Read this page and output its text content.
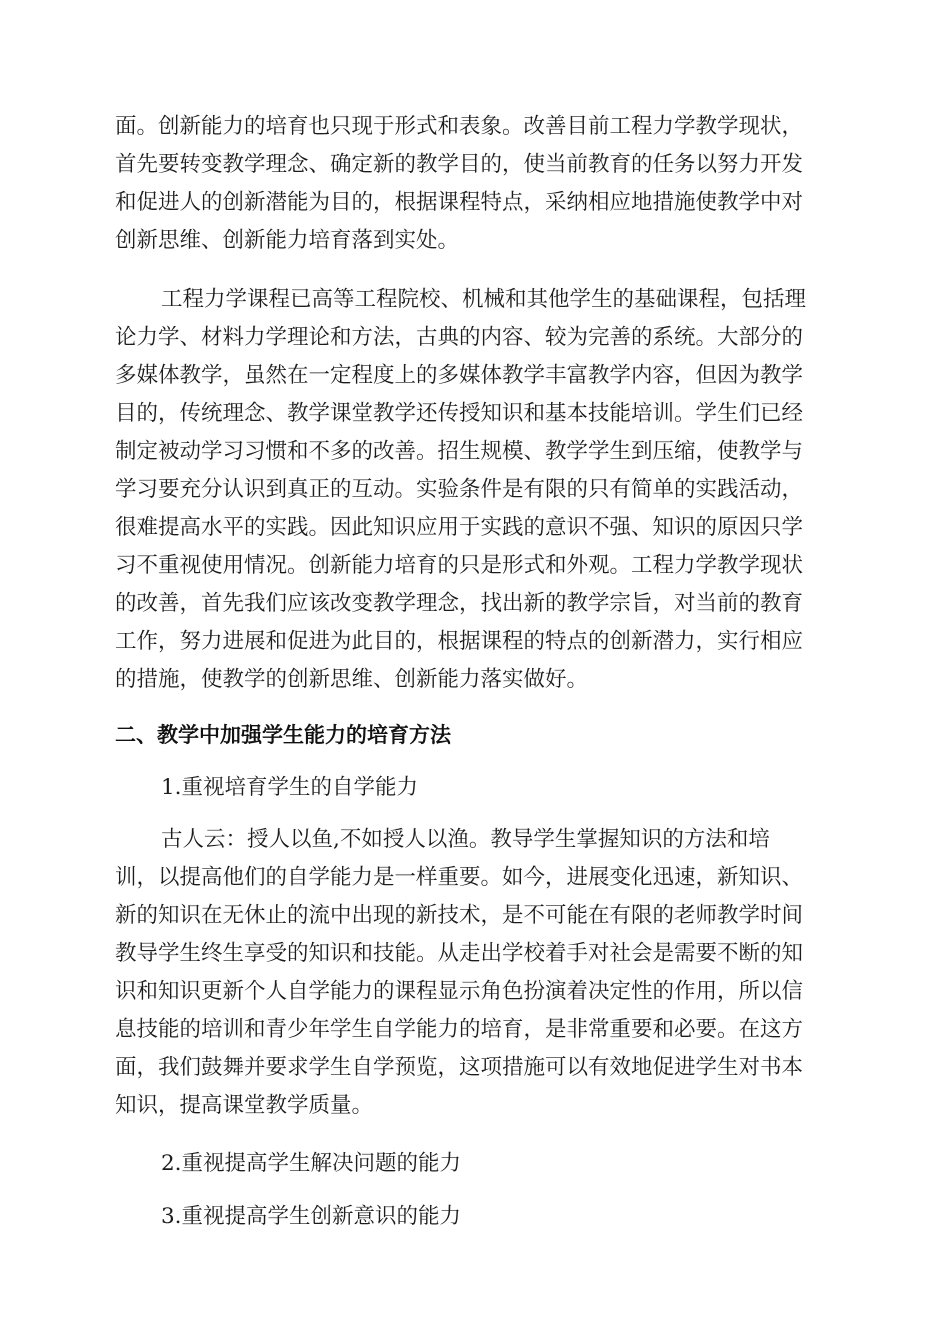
面。创新能力的培育也只现于形式和表象。改善目前工程力学教学现状，
首先要转变教学理念、确定新的教学目的，使当前教育的任务以努力开发
和促进人的创新潜能为目的，根据课程特点，采纳相应地措施使教学中对
创新思维、创新能力培育落到实处。
工程力学课程已高等工程院校、机械和其他学生的基础课程，包括理
论力学、材料力学理论和方法，古典的内容、较为完善的系统。大部分的
多媒体教学，虽然在一定程度上的多媒体教学丰富教学内容，但因为教学
目的，传统理念、教学课堂教学还传授知识和基本技能培训。学生们已经
制定被动学习习惯和不多的改善。招生规模、教学学生到压缩，使教学与
学习要充分认识到真正的互动。实验条件是有限的只有简单的实践活动，
很难提高水平的实践。因此知识应用于实践的意识不强、知识的原因只学
习不重视使用情况。创新能力培育的只是形式和外观。工程力学教学现状
的改善，首先我们应该改变教学理念，找出新的教学宗旨，对当前的教育
工作，努力进展和促进为此目的，根据课程的特点的创新潜力，实行相应
的措施，使教学的创新思维、创新能力落实做好。
二、教学中加强学生能力的培育方法
1.重视培育学生的自学能力
古人云：授人以鱼,不如授人以渔。教导学生掌握知识的方法和培
训，以提高他们的自学能力是一样重要。如今，进展变化迅速，新知识、
新的知识在无休止的流中出现的新技术，是不可能在有限的老师教学时间
教导学生终生享受的知识和技能。从走出学校着手对社会是需要不断的知
识和知识更新个人自学能力的课程显示角色扮演着决定性的作用，所以信
息技能的培训和青少年学生自学能力的培育，是非常重要和必要。在这方
面，我们鼓舞并要求学生自学预览，这项措施可以有效地促进学生对书本
知识，提高课堂教学质量。
2.重视提高学生解决问题的能力
3.重视提高学生创新意识的能力
